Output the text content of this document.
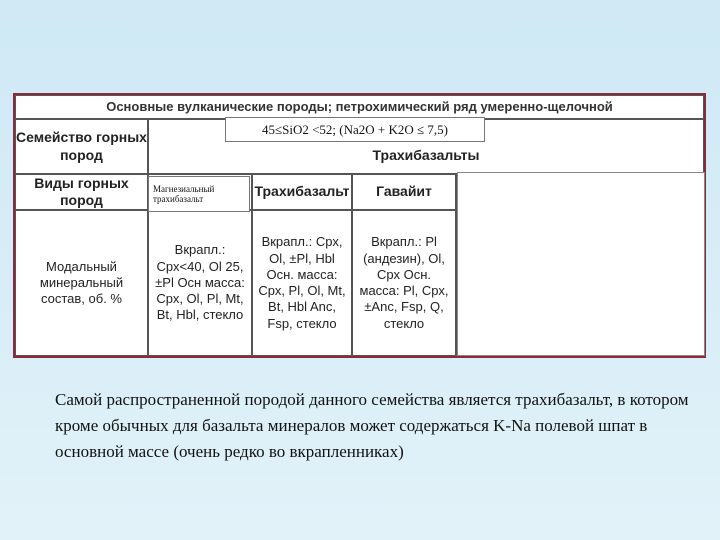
Основные вулканические породы; петрохимический ряд умеренно-щелочной
Семейство горных пород	Трахибазальты
Виды горных пород
Трахибазальт	Гавайит
Модальный минеральный состав, об. %
Вкрапл.: Срх<40, Ol 25, ±Pl Осн масса: Срх, Ol, Pl, Mt, Bt, Hbl, стекло
Вкрапл.: Срх, Ol, ±Pl, Hbl Осн. масса: Срх, Pl, Ol, Mt, Bt, Hbl Anc, Fsp, стекло
Вкрапл.: Pl (андезин), Ol, Срх Осн. масса: Pl, Срх, ±Anc, Fsp, Q, стекло
45≤SiO2 <52; (Na2O + K2O ≤ 7,5)
Магнезиальный
трахибазальт
Самой распространенной породой данного семейства является трахибазальт, в котором кроме обычных для базальта минералов может содержаться K-Na полевой шпат в основной массе (очень редко во вкрапленниках)
